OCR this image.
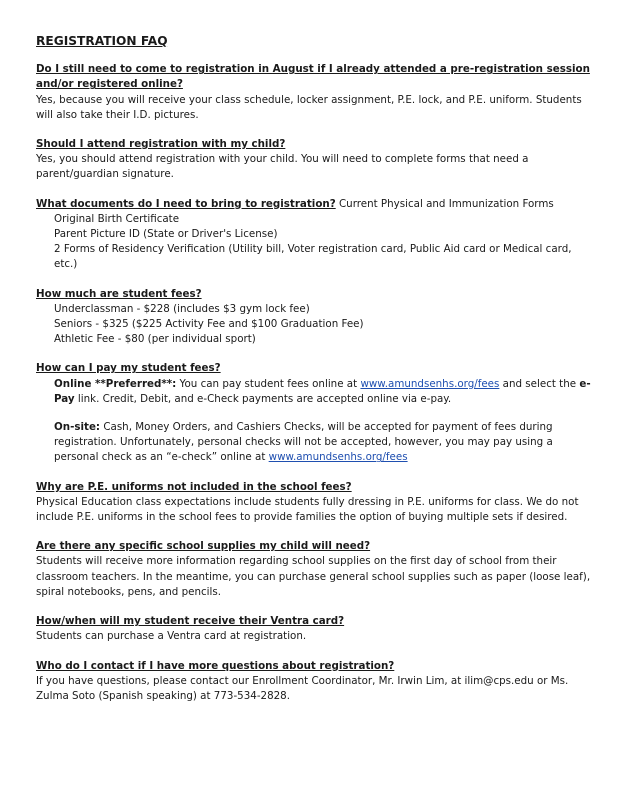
REGISTRATION FAQ
Do I still need to come to registration in August if I already attended a pre-registration session and/or registered online?
Yes, because you will receive your class schedule, locker assignment, P.E. lock, and P.E. uniform. Students will also take their I.D. pictures.
Should I attend registration with my child?
Yes, you should attend registration with your child. You will need to complete forms that need a parent/guardian signature.
What documents do I need to bring to registration? Current Physical and Immunization Forms
Original Birth Certificate
Parent Picture ID (State or Driver's License)
2 Forms of Residency Verification (Utility bill, Voter registration card, Public Aid card or Medical card, etc.)
How much are student fees?
Underclassman - $228 (includes $3 gym lock fee)
Seniors - $325 ($225 Activity Fee and $100 Graduation Fee)
Athletic Fee - $80 (per individual sport)
How can I pay my student fees?
Online **Preferred**: You can pay student fees online at www.amundsenhs.org/fees and select the e-Pay link. Credit, Debit, and e-Check payments are accepted online via e-pay.
On-site: Cash, Money Orders, and Cashiers Checks, will be accepted for payment of fees during registration. Unfortunately, personal checks will not be accepted, however, you may pay using a personal check as an “e-check” online at www.amundsenhs.org/fees
Why are P.E. uniforms not included in the school fees?
Physical Education class expectations include students fully dressing in P.E. uniforms for class. We do not include P.E. uniforms in the school fees to provide families the option of buying multiple sets if desired.
Are there any specific school supplies my child will need?
Students will receive more information regarding school supplies on the first day of school from their classroom teachers. In the meantime, you can purchase general school supplies such as paper (loose leaf), spiral notebooks, pens, and pencils.
How/when will my student receive their Ventra card?
Students can purchase a Ventra card at registration.
Who do I contact if I have more questions about registration?
If you have questions, please contact our Enrollment Coordinator, Mr. Irwin Lim, at ilim@cps.edu or Ms. Zulma Soto (Spanish speaking) at 773-534-2828.
